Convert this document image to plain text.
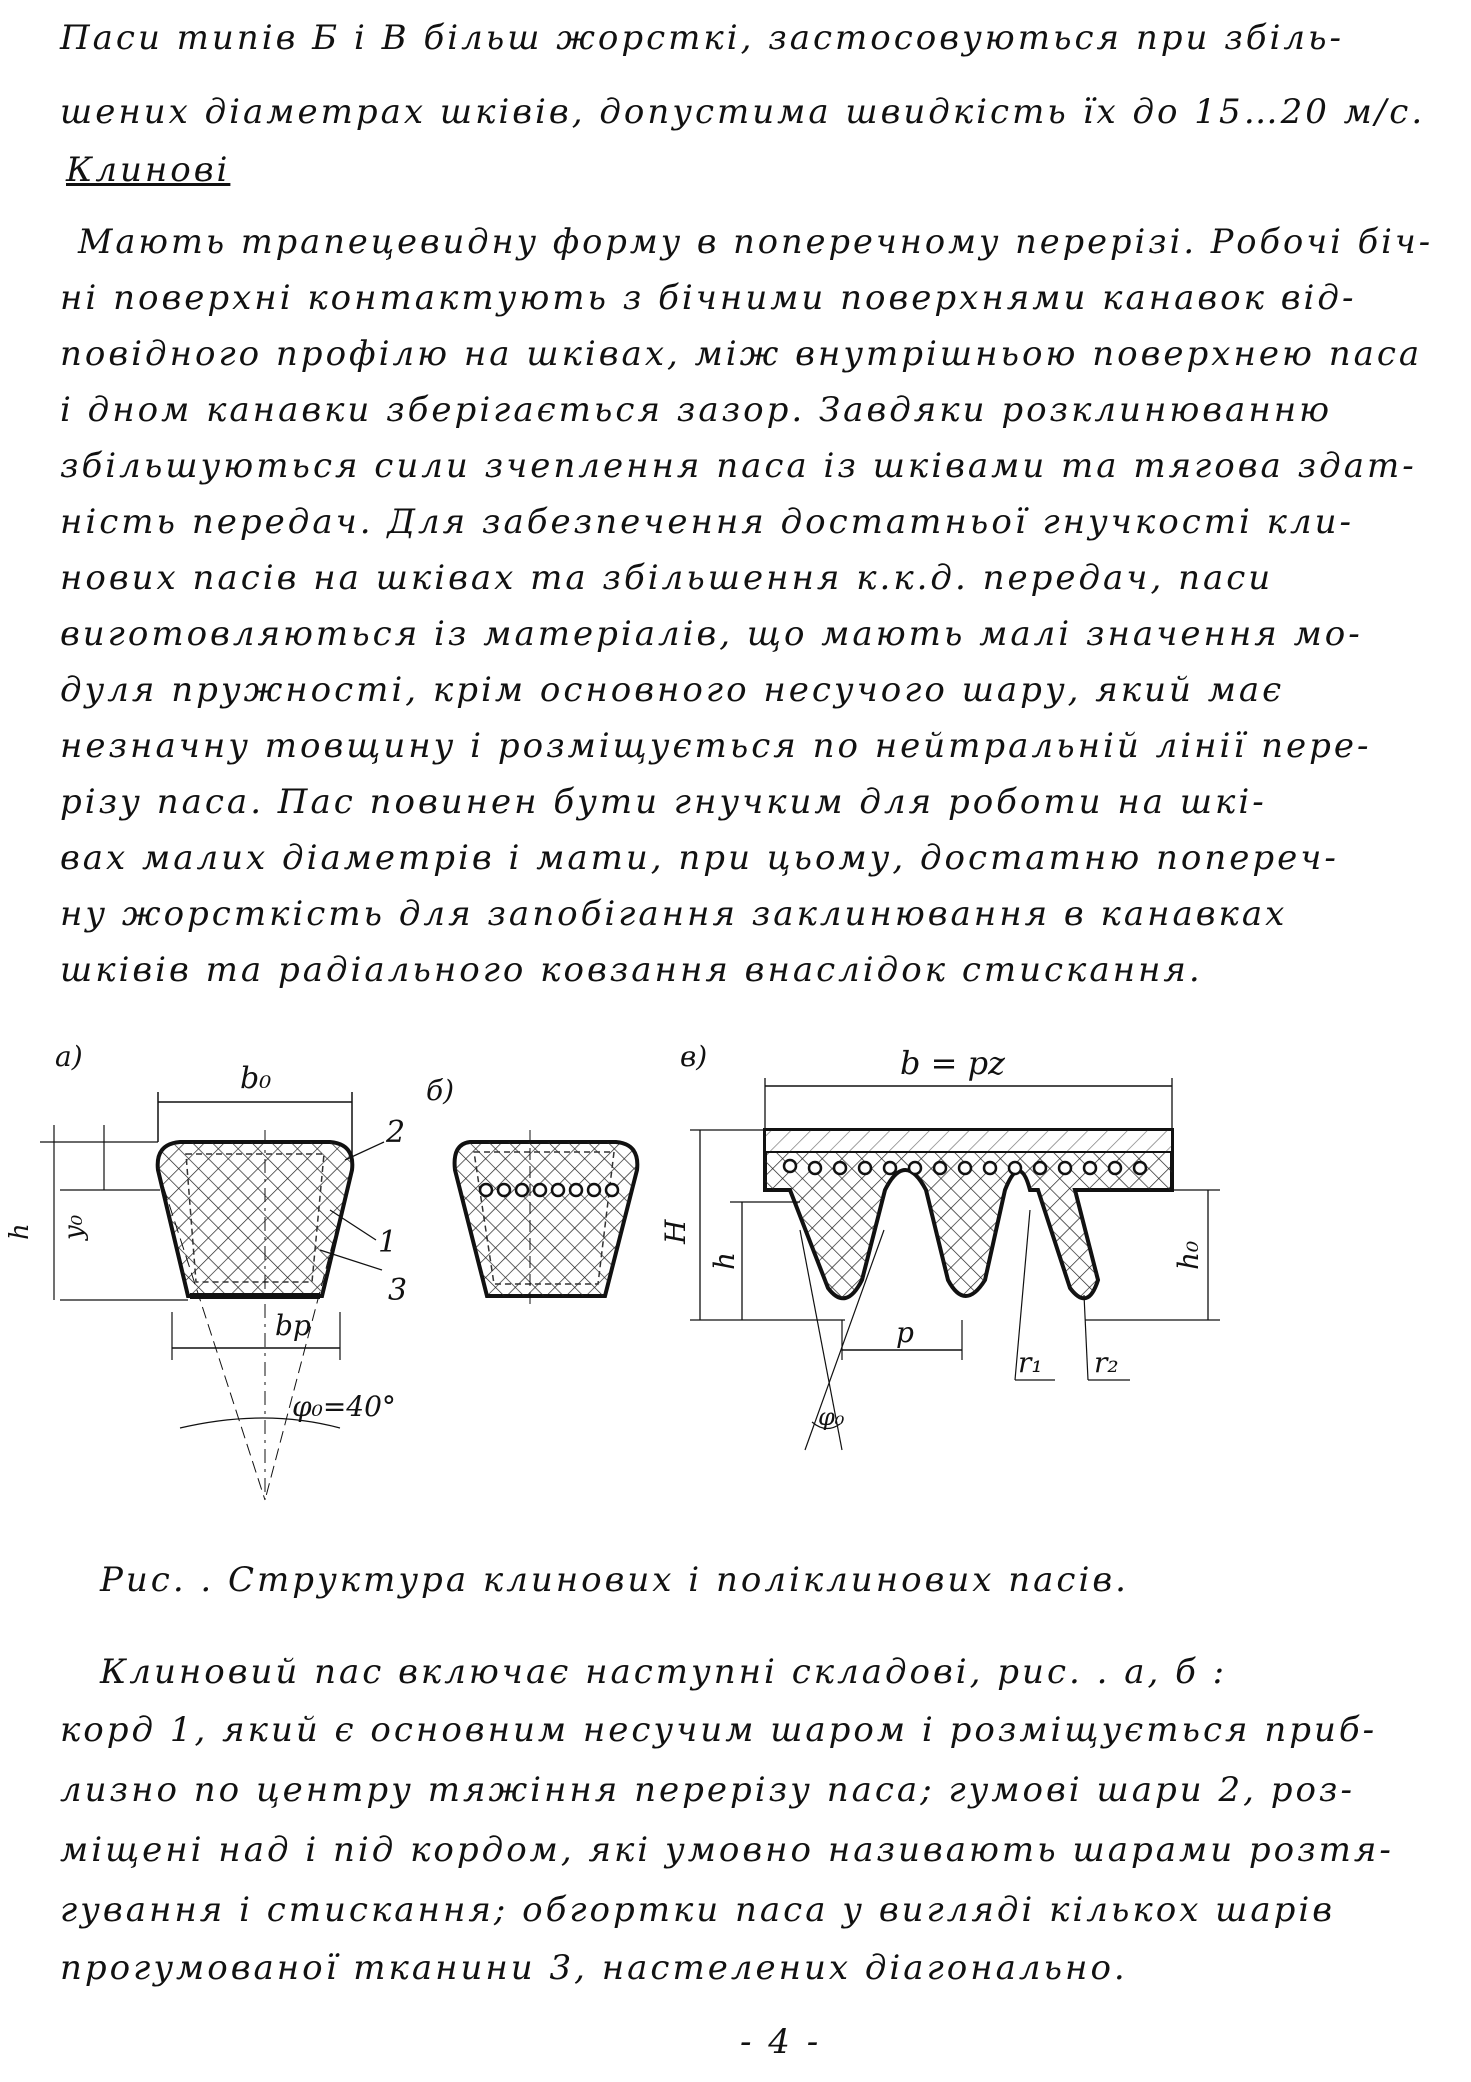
Паси типів Б і В більш жорсткі, застосовуються при збіль-
шених діаметрах шківів, допустима швидкість їх до 15…20 м/с.
Клинові
Мають трапецевидну форму в поперечному перерізі. Робочі біч-
ні поверхні контактують з бічними поверхнями канавок від-
повідного профілю на шківах, між внутрішньою поверхнею паса
і дном канавки зберігається зазор. Завдяки розклинюванню
збільшуються сили зчеплення паса із шківами та тягова здат-
ність передач. Для забезпечення достатньої гнучкості кли-
нових пасів на шківах та збільшення к.к.д. передач, паси
виготовляються із матеріалів, що мають малі значення мо-
дуля пружності, крім основного несучого шару, який має
незначну товщину і розміщується по нейтральній лінії пере-
різу паса. Пас повинен бути гнучким для роботи на шкі-
вах малих діаметрів і мати, при цьому, достатню попереч-
ну жорсткість для запобігання заклинювання в канавках
шківів та радіального ковзання внаслідок стискання.
а)
b₀
h y₀
bр
φ₀=40°
2
1
3
б)
в)	b = pz
H
h	h₀
p
φ₀
r₁ r₂
Рис. . Структура клинових і полiклинових пасів.
Клиновий пас включає наступні складові, рис. . а, б :
корд 1, який є основним несучим шаром і розміщується приб-
лизно по центру тяжіння перерізу паса; гумові шари 2, роз-
міщені над і під кордом, які умовно називають шарами розтя-
гування і стискання; обгортки паса у вигляді кількох шарів
прогумованої тканини 3, настелених діагонально.
- 4 -
